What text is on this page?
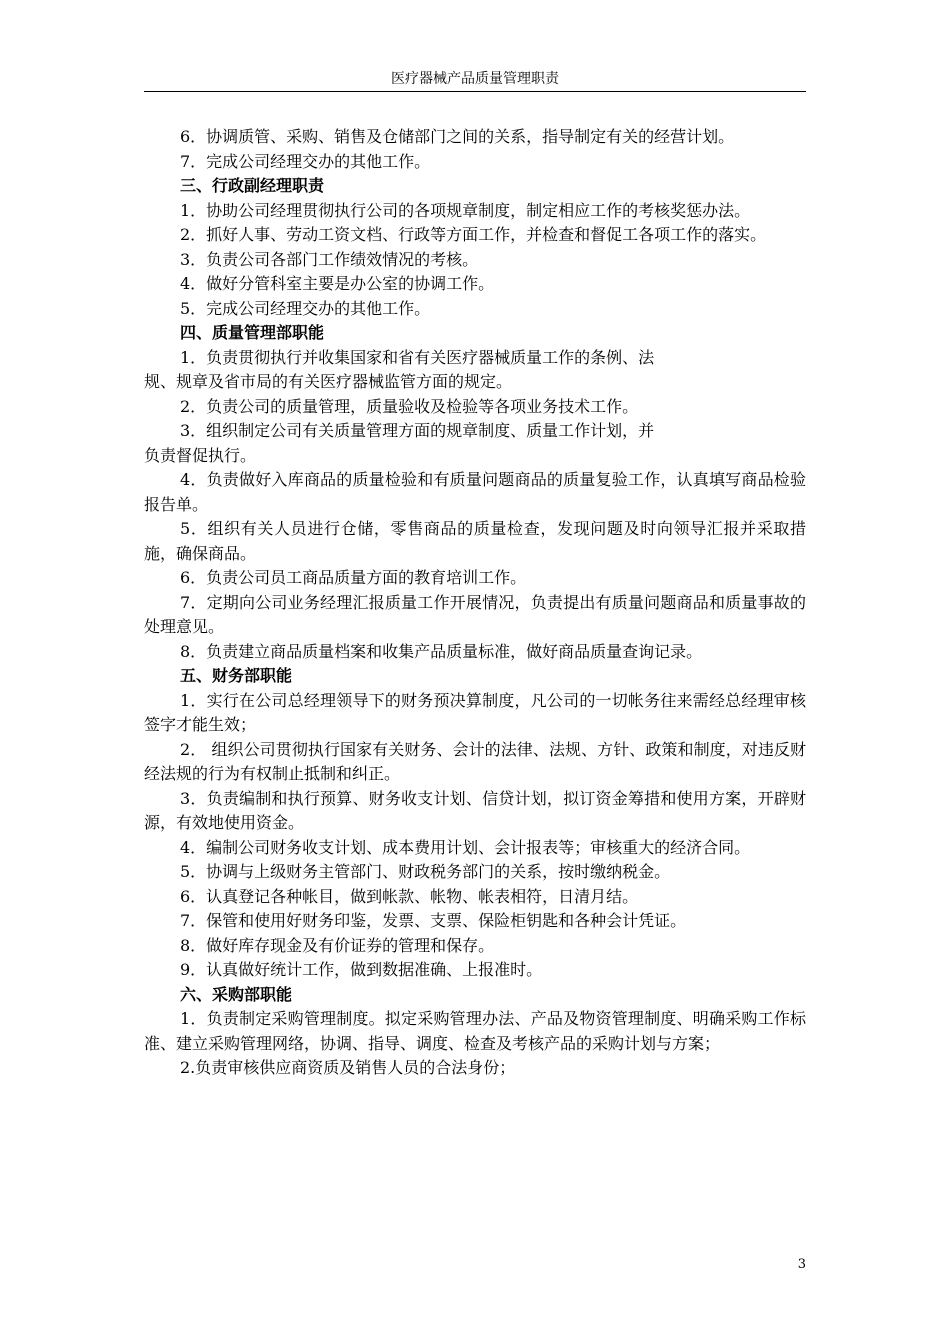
医疗器械产品质量管理职责

6．协调质管、采购、销售及仓储部门之间的关系，指导制定有关的经营计划。

7．完成公司经理交办的其他工作。

三、行政副经理职责

1．协助公司经理贯彻执行公司的各项规章制度，制定相应工作的考核奖惩办法。

2．抓好人事、劳动工资文档、行政等方面工作，并检查和督促工各项工作的落实。

3．负责公司各部门工作绩效情况的考核。

4．做好分管科室主要是办公室的协调工作。

5．完成公司经理交办的其他工作。

四、质量管理部职能

1．负责贯彻执行并收集国家和省有关医疗器械质量工作的条例、法
规、规章及省市局的有关医疗器械监管方面的规定。

2．负责公司的质量管理，质量验收及检验等各项业务技术工作。

3．组织制定公司有关质量管理方面的规章制度、质量工作计划，并
负责督促执行。

4．负责做好入库商品的质量检验和有质量问题商品的质量复验工作，认真填写商品检验报告单。

5．组织有关人员进行仓储，零售商品的质量检查，发现问题及时向领导汇报并采取措施，确保商品。

6．负责公司员工商品质量方面的教育培训工作。

7．定期向公司业务经理汇报质量工作开展情况，负责提出有质量问题商品和质量事故的处理意见。

8．负责建立商品质量档案和收集产品质量标准，做好商品质量查询记录。

五、财务部职能

1．实行在公司总经理领导下的财务预决算制度，凡公司的一切帐务往来需经总经理审核签字才能生效；

2． 组织公司贯彻执行国家有关财务、会计的法律、法规、方针、政策和制度，对违反财经法规的行为有权制止抵制和纠正。

3．负责编制和执行预算、财务收支计划、信贷计划，拟订资金筹措和使用方案，开辟财源，有效地使用资金。

4．编制公司财务收支计划、成本费用计划、会计报表等；审核重大的经济合同。

5．协调与上级财务主管部门、财政税务部门的关系，按时缴纳税金。

6．认真登记各种帐目，做到帐款、帐物、帐表相符，日清月结。

7．保管和使用好财务印鉴，发票、支票、保险柜钥匙和各种会计凭证。

8．做好库存现金及有价证券的管理和保存。

9．认真做好统计工作，做到数据准确、上报准时。

六、采购部职能

1．负责制定采购管理制度。拟定采购管理办法、产品及物资管理制度、明确采购工作标准、建立采购管理网络，协调、指导、调度、检查及考核产品的采购计划与方案；

2.负责审核供应商资质及销售人员的合法身份；

3
